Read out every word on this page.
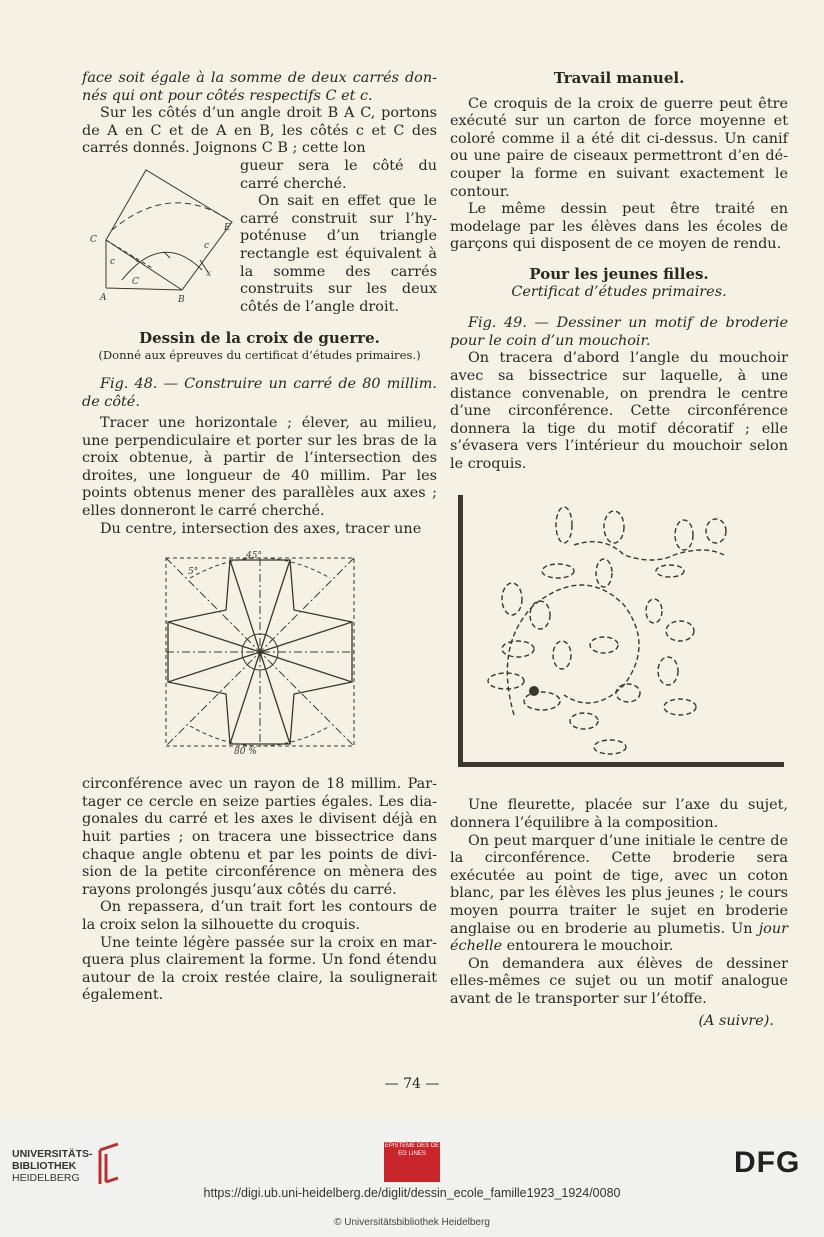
face soit égale à la somme de deux carrés donnés qui ont pour côtés respectifs C et c.

Sur les côtés d’un angle droit B A C, portons de A en C et de A en B, les côtés c et C des carrés donnés. Joignons C B ; cette lon

C
A	B
E
c
C
c
x

gueur sera le côté du carré cherché.

On sait en effet que le carré construit sur l’hypoténuse d’un triangle rectangle est équivalent à la somme des carrés construits sur les deux côtés de l’angle droit.

Dessin de la croix de guerre.

(Donné aux épreuves du certificat d’études primaires.)

Fig. 48. — Construire un carré de 80 millim. de côté.

Tracer une horizontale ; élever, au milieu, une perpendiculaire et porter sur les bras de la croix obtenue, à partir de l’intersection des droites, une longueur de 40 millim. Par les points obtenus mener des parallèles aux axes ; elles donneront le carré cherché.

Du centre, intersection des axes, tracer une

45°
5°
80 %

circonférence avec un rayon de 18 millim. Partager ce cercle en seize parties égales. Les diagonales du carré et les axes le divisent déjà en huit parties ; on tracera une bissectrice dans chaque angle obtenu et par les points de division de la petite circonférence on mènera des rayons prolongés jusqu’aux côtés du carré.

On repassera, d’un trait fort les contours de la croix selon la silhouette du croquis.

Une teinte légère passée sur la croix en marquera plus clairement la forme. Un fond étendu autour de la croix restée claire, la soulignerait également.

Travail manuel.

Ce croquis de la croix de guerre peut être exécuté sur un carton de force moyenne et coloré comme il a été dit ci-dessus. Un canif ou une paire de ciseaux permettront d’en découper la forme en suivant exactement le contour.

Le même dessin peut être traité en modelage par les élèves dans les écoles de garçons qui disposent de ce moyen de rendu.

Pour les jeunes filles.

Certificat d’études primaires.

Fig. 49. — Dessiner un motif de broderie pour le coin d’un mouchoir.

On tracera d’abord l’angle du mouchoir avec sa bissectrice sur laquelle, à une distance convenable, on prendra le centre d’une circonférence. Cette circonférence donnera la tige du motif décoratif ; elle s’évasera vers l’intérieur du mouchoir selon le croquis.

Une fleurette, placée sur l’axe du sujet, donnera l’équilibre à la composition.

On peut marquer d’une initiale le centre de la circonférence. Cette broderie sera exécutée au point de tige, avec un coton blanc, par les élèves les plus jeunes ; le cours moyen pourra traiter le sujet en broderie anglaise ou en broderie au plumetis. Un jour échelle entourera le mouchoir.

On demandera aux élèves de dessiner elles-mêmes ce sujet ou un motif analogue avant de le transporter sur l’étoffe.

(A suivre).

— 74 —
UNIVERSITÄTS-
BIBLIOTHEK
HEIDELBERG
EPISTEME DES DE EG LINES	DFG
https://digi.ub.uni-heidelberg.de/diglit/dessin_ecole_famille1923_1924/0080
© Universitätsbibliothek Heidelberg
